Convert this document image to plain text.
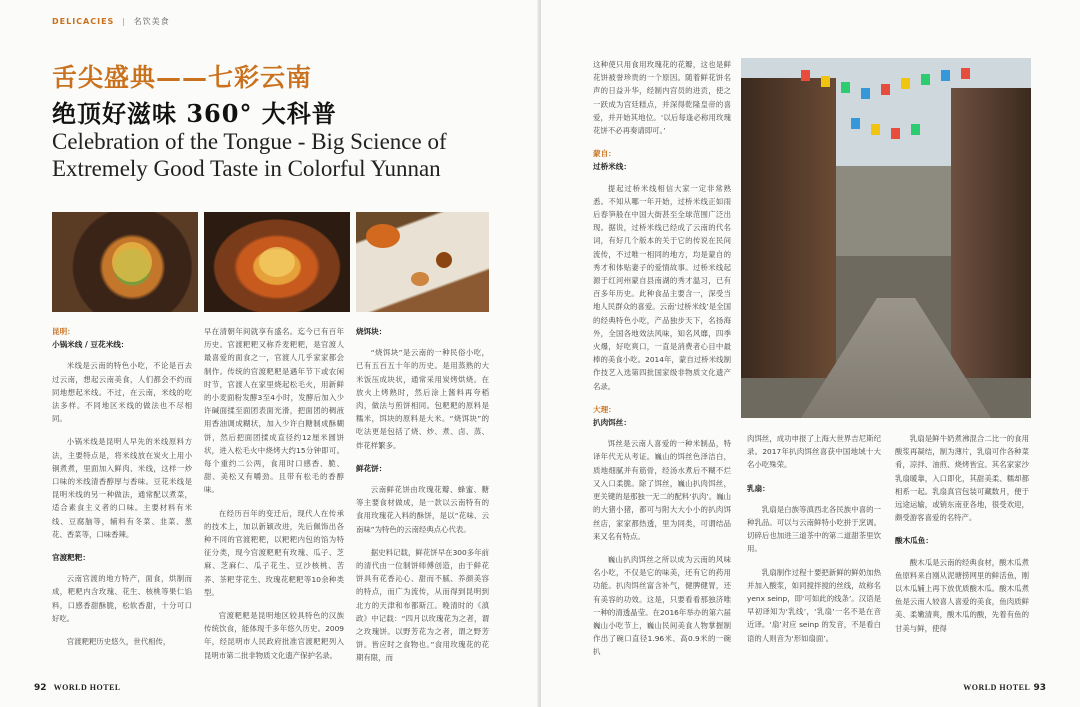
DELICACIES | 名饮美食
舌尖盛典——七彩云南
绝顶好滋味 360° 大科普
Celebration of the Tongue - Big Science of Extremely Good Taste in Colorful Yunnan
昆明：
小锅米线 / 豆花米线：

米线是云南的特色小吃，不论是百去过云南，想起云南美食，人们都会不约而同地想起米线。不过，在云南，米线的吃法多样。不同地区米线的做法也不尽相同。

小锅米线是昆明人早先的米线原料方法，主要特点是，将米线放在炭火上用小铜煮煮，里面加入鲜肉、米线，这样一炒口味的米线清香醇厚与香味。豆花米线是昆明米线的另一种做法，通常配以煮菜，适合素食主义者的口味。主要材料有米线、豆腐脑等，辅料有冬菜、韭菜、葱花、香菜等，口味香辣。

官渡粑粑：

云南官渡的地方特产，面食，烘制而成，粑粑内含玫瑰、花生、核桃等果仁馅料，口感香甜酥脆，松软香甜，十分可口好吃。

官渡粑粑历史悠久，世代相传，

早在清朝年间就享有盛名。迄今已有百年历史。官渡粑粑又称乔麦粑粑，是官渡人最喜爱的面食之一，官渡人几乎家家都会制作。传统的官渡粑粑是遇年节下或农闲时节，官渡人在家里烧起松毛火，用新鲜的小麦面粉发酵3至4小时，发酵后加入少许碱面揉至面团表面光滑，把面团的稠液用香油调成糊状，加入少许白糖制成酥糊饼，然后把面团揉成直径约12厘米圆饼状，进入松毛火中烧烤大约15分钟即可。每个重约二公两，食用时口感香、脆、甜、美松又有嚼劲。且带有松毛的香醇味。

在经历百年的变迁后，现代人在传承的技术上，加以新颖改进，先后佩饰出各种不同的官渡粑粑，以粑粑内包的馅为特征分类，现今官渡粑粑有玫瑰、瓜子、芝麻、芝麻仁、瓜子花生、豆沙核桃、苦荞、茶粑芽花生、玫瑰花粑粑等10余种类型。

官渡粑粑是昆明地区较具特色的汉族传统饮食，能体现千多年悠久历史。2009年，经昆明市人民政府批准官渡粑粑列入昆明市第二批非物质文化遗产保护名录。

烧饵块：

“烧饵块”是云南的一种民俗小吃，已有五百五十年的历史。是用蒸熟的大米饭压成块状，通常采用炭烤烘烧。在放火上烤熟时，然后涂上酱料再夸稻肉，做法与煎饼相同。包粑粑的原料是糯米，饵块的原料是大米。“烧饵块”的吃法更是包括了烧、炒、煮、卤、蒸、炸花样繁多。

鲜花饼：

云南鲜花饼由玫瑰花瓣、蜂蜜、糖等主要食材做成，是一款以云南特有的食用玫瑰花入料的酥饼，是以“花味、云南味”为特色的云南经典点心代表。

据史料记载，鲜花饼早在300多年前的清代由一位制饼师傅创造，由于鲜花饼具有花香沁心、甜而不腻、养颜美容的特点，而广为流传，从而得到昆明到北方的天津和布都斯江。晚清时的《滇政》中记载：“四月以玫瑰花为之者，谓之玫瑰饼。以野芳花为之者，谓之野芳饼。皆应时之食物也。”食用玫瑰花的花期有限，而

92 WORLD HOTEL

这种使只用食用玫瑰花的花瓣，这也是鲜花饼被誉珍贵的一个原因。随着鲜花饼名声的日益升华，经制内宫员的进贡，使之一跃成为宫廷糕点，并深得乾隆皇帝的喜爱，并开始其地位。‘以后每逢必称用玫瑰花饼不必再奏请即可。’

蒙自：
过桥米线：

提起过桥米线相信大家一定非常熟悉。不知从哪一年开始，过桥米线正如雨后春笋般在中国大街甚至全球范围广泛出现。据说，过桥米线已经成了云南的代名词，有好几个版本的关于它的传说在民间流传，不过唯一相同的地方，均是蒙自的秀才和体贴妻子的爱情故事。过桥米线起源于红河州蒙自县南湖的秀才温习，已有百多年历史。此种食品主要含一，深受当地人民群众的喜爱。云南‘过桥米线’是全国的经典特色小吃，产品独步天下，名扬海外，全国各地效法风味，知名风靡，四季火爆，好吃爽口，一直是消费者心目中最棒的美食小吃。2014年，蒙自过桥米线制作技艺入选第四批国家级非物质文化遗产名录。

大理：
扒肉饵丝：

饵丝是云南人喜爱的一种米制品，特译年代无从考证。巍山的饵丝色泽洁白，质地细腻并有筋骨，经汤水煮后不糊不烂又入口柔脆。除了饵丝，巍山扒肉饵丝，更关键的是那独一无二的配料‘扒肉’。巍山的大猪小猪，都可与附大大小小的扒肉饵丝店，家家都热透，里为同类，可谓结品来又名有特点。

巍山扒肉饵丝之所以成为云南的风味名小吃，不仅是它的味美，还有它的药用功能。扒肉饵丝富含补气，健脾健胃，还有美容的功效。这是，只要看看那独济唯一种的清透晶莹。在2016年举办的第六届巍山小吃节上，巍山民间美食人物掌握制作出了碗口直径1.96米、高0.9米的一碗扒

肉饵丝，成功申报了上海大世界吉尼斯纪录。2017年扒肉饵丝喜获中国地域十大名小吃殊荣。

乳扇：

乳扇是白族等滇西北各民族中喜的一种乳品。可以与云南鲜特小吃拼于烹调。切碎后也加进三道茶中的第二道甜茶里饮用。

乳扇制作过程十要把新鲜的鲜奶加热并加入酸浆，如同搅拌搅的丝线，故称名 yenx seinp，即‘可如此的线条’。汉语是早初译知为‘乳线’，‘乳扇’一名不是在音近译。‘扇’对应 seinp 的发音，不是看白语的人则音为‘形如扇面’。

乳扇是鲜牛奶煮沸混合二比一的食用酸浆再凝结，制为薄片，乳扇可作各种菜肴，凉拌、油煎、烧烤皆宜。其名家家沙乳扇暖靠，入口即化，其甜美柔、糯却都相系一起。乳扇真宫包装可藏数月，便于远途运输，或销东南亚各地，很受欢迎，颇受游客喜爱的名特产。

酸木瓜鱼：

酸木瓜是云南的经典食材，酸木瓜煮鱼原料来自刚从泥塘捞网里的鲜活鱼，刚以木瓜辅上再下放优质酸木瓜。酸木瓜煮鱼是云南人较喜人喜爱的美食，鱼肉质鲜美、柔嫩清爽，酸木瓜的酸，先着有鱼的甘美与鲜，使得

WORLD HOTEL 93
